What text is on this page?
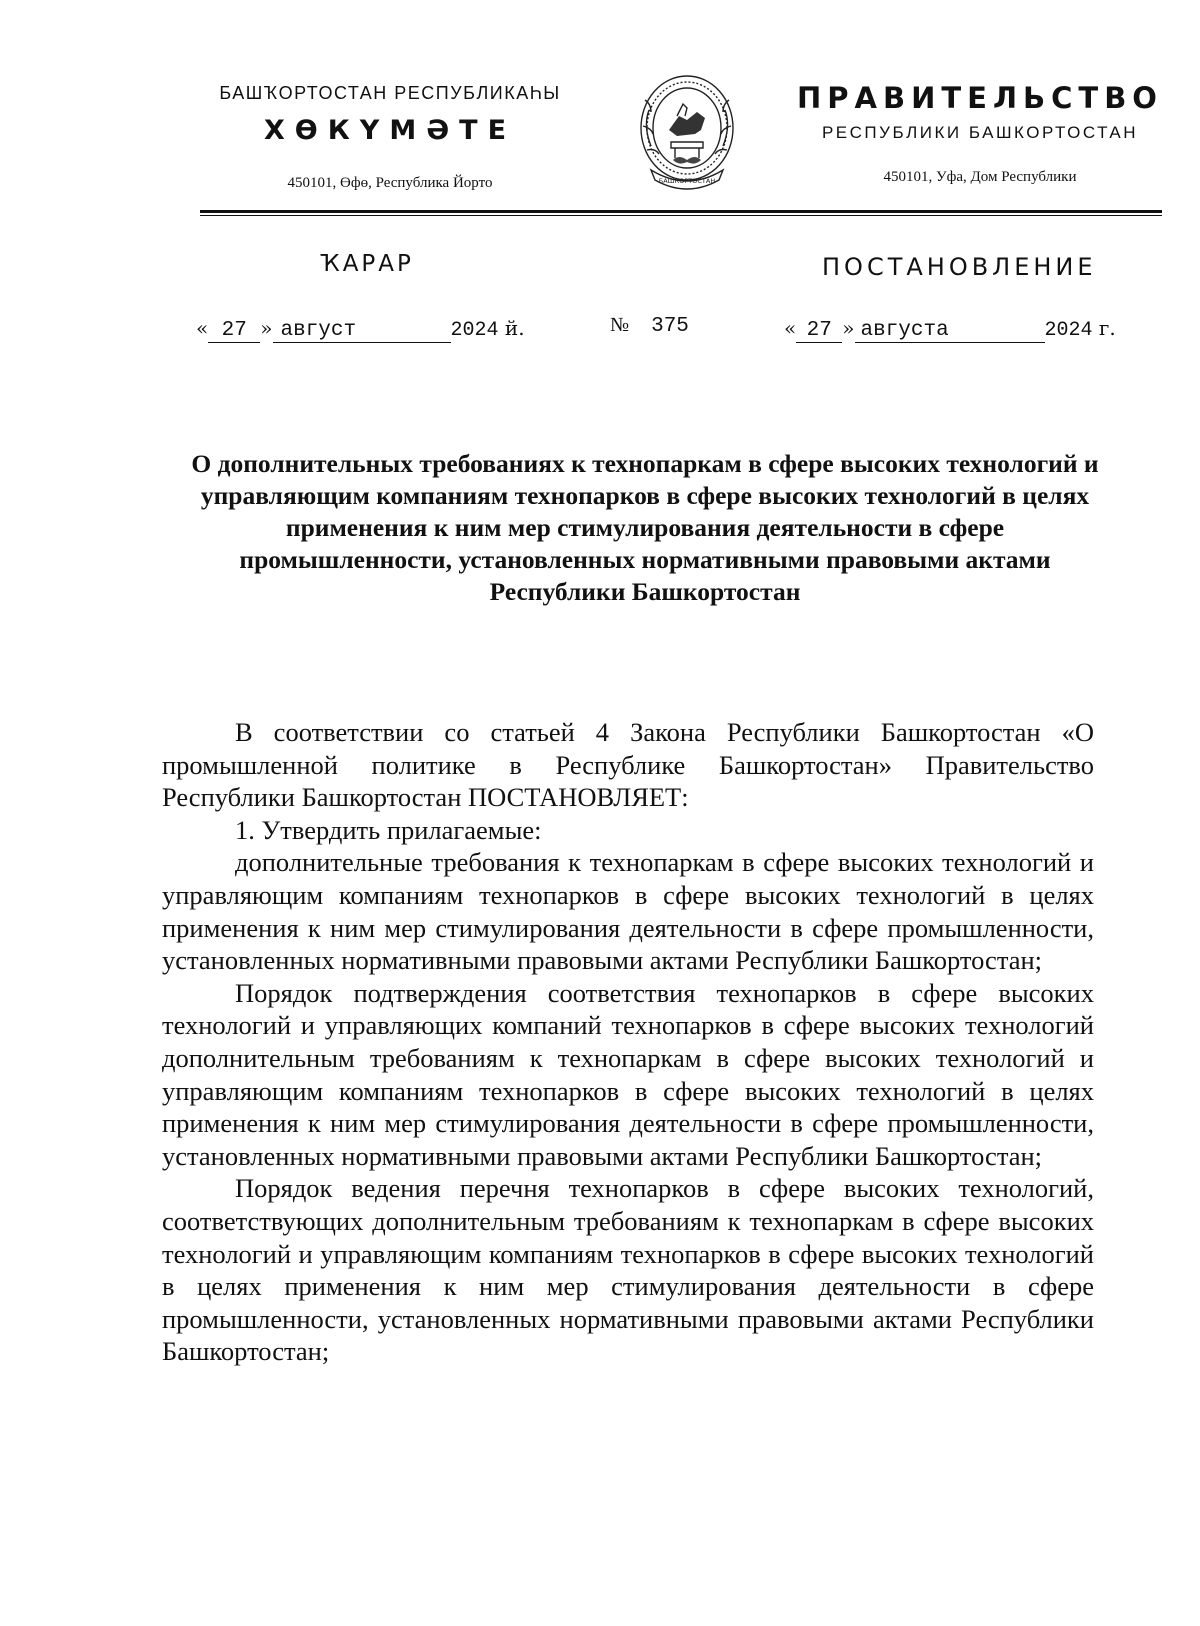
БАШҠОРТОСТАН РЕСПУБЛИКАҺЫ
ХӨКҮМӘТЕ
450101, Өфө, Республика Йорто	БАШКОРТОСТАН
ПРАВИТЕЛЬСТВО
РЕСПУБЛИКИ БАШКОРТОСТАН
450101, Уфа, Дом Республики
ҠАРАР	ПОСТАНОВЛЕНИЕ
« 27 » август	2024 й.	№ 375	« 27 » августа	2024 г.
О дополнительных требованиях к технопаркам в сфере высоких технологий и управляющим компаниям технопарков в сфере высоких технологий в целях применения к ним мер стимулирования деятельности в сфере промышленности, установленных нормативными правовыми актами Республики Башкортостан

В соответствии со статьей 4 Закона Республики Башкортостан «О промышленной политике в Республике Башкортостан» Правительство Республики Башкортостан ПОСТАНОВЛЯЕТ:

1. Утвердить прилагаемые:

дополнительные требования к технопаркам в сфере высоких технологий и управляющим компаниям технопарков в сфере высоких технологий в целях применения к ним мер стимулирования деятельности в сфере промышленности, установленных нормативными правовыми актами Республики Башкортостан;

Порядок подтверждения соответствия технопарков в сфере высоких технологий и управляющих компаний технопарков в сфере высоких технологий дополнительным требованиям к технопаркам в сфере высоких технологий и управляющим компаниям технопарков в сфере высоких технологий в целях применения к ним мер стимулирования деятельности в сфере промышленности, установленных нормативными правовыми актами Республики Башкортостан;

Порядок ведения перечня технопарков в сфере высоких технологий, соответствующих дополнительным требованиям к технопаркам в сфере высоких технологий и управляющим компаниям технопарков в сфере высоких технологий в целях применения к ним мер стимулирования деятельности в сфере промышленности, установленных нормативными правовыми актами Республики Башкортостан;
